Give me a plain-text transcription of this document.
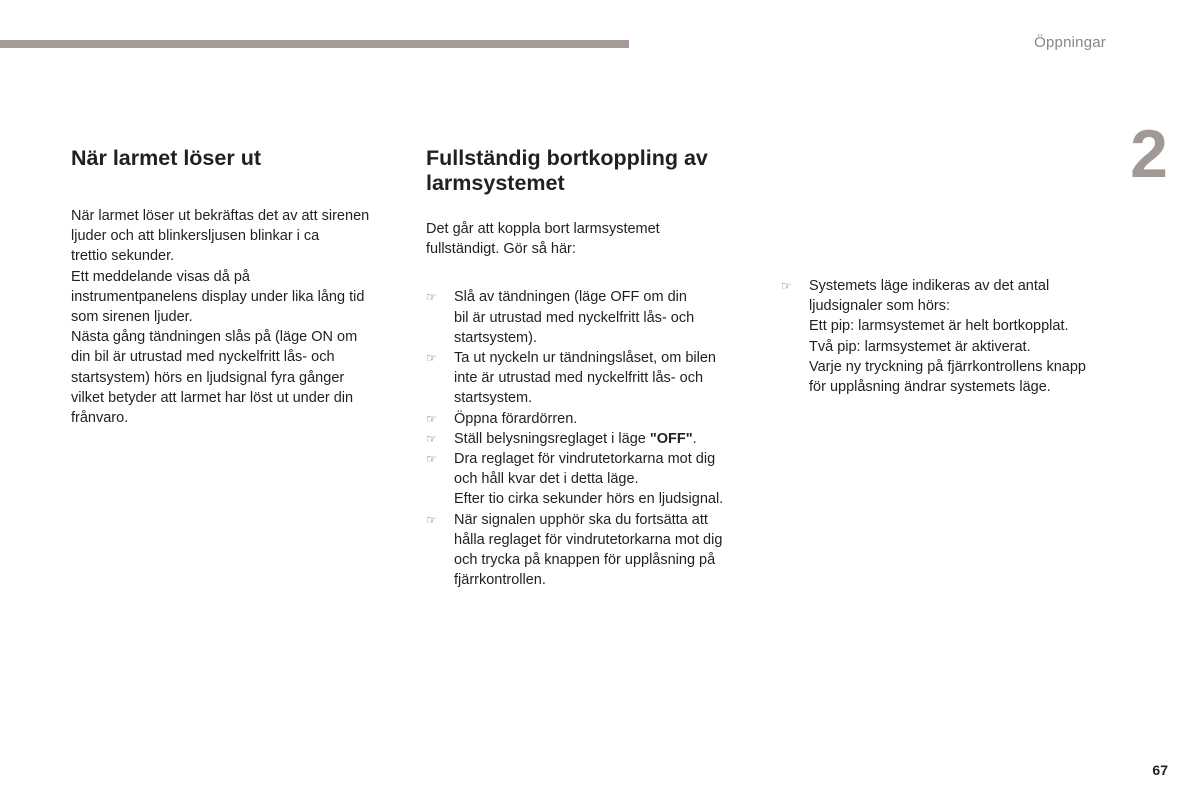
Öppningar
2
När larmet löser ut
När larmet löser ut bekräftas det av att sirenen
ljuder och att blinkersljusen blinkar i ca
trettio sekunder.
Ett meddelande visas då på
instrumentpanelens display under lika lång tid
som sirenen ljuder.
Nästa gång tändningen slås på (läge ON om
din bil är utrustad med nyckelfritt lås- och
startsystem) hörs en ljudsignal fyra gånger
vilket betyder att larmet har löst ut under din
frånvaro.
Fullständig bortkoppling av
larmsystemet
Det går att koppla bort larmsystemet
fullständigt. Gör så här:
☞	Slå av tändningen (läge OFF om din
bil är utrustad med nyckelfritt lås- och
startsystem).
☞	Ta ut nyckeln ur tändningslåset, om bilen
inte är utrustad med nyckelfritt lås- och
startsystem.
☞	Öppna förardörren.
☞	Ställ belysningsreglaget i läge "OFF".
☞	Dra reglaget för vindrutetorkarna mot dig
och håll kvar det i detta läge.
Efter tio cirka sekunder hörs en ljudsignal.
☞	När signalen upphör ska du fortsätta att
hålla reglaget för vindrutetorkarna mot dig
och trycka på knappen för upplåsning på
fjärrkontrollen.
☞	Systemets läge indikeras av det antal
ljudsignaler som hörs:
Ett pip: larmsystemet är helt bortkopplat.
Två pip: larmsystemet är aktiverat.
Varje ny tryckning på fjärrkontrollens knapp
för upplåsning ändrar systemets läge.
67
